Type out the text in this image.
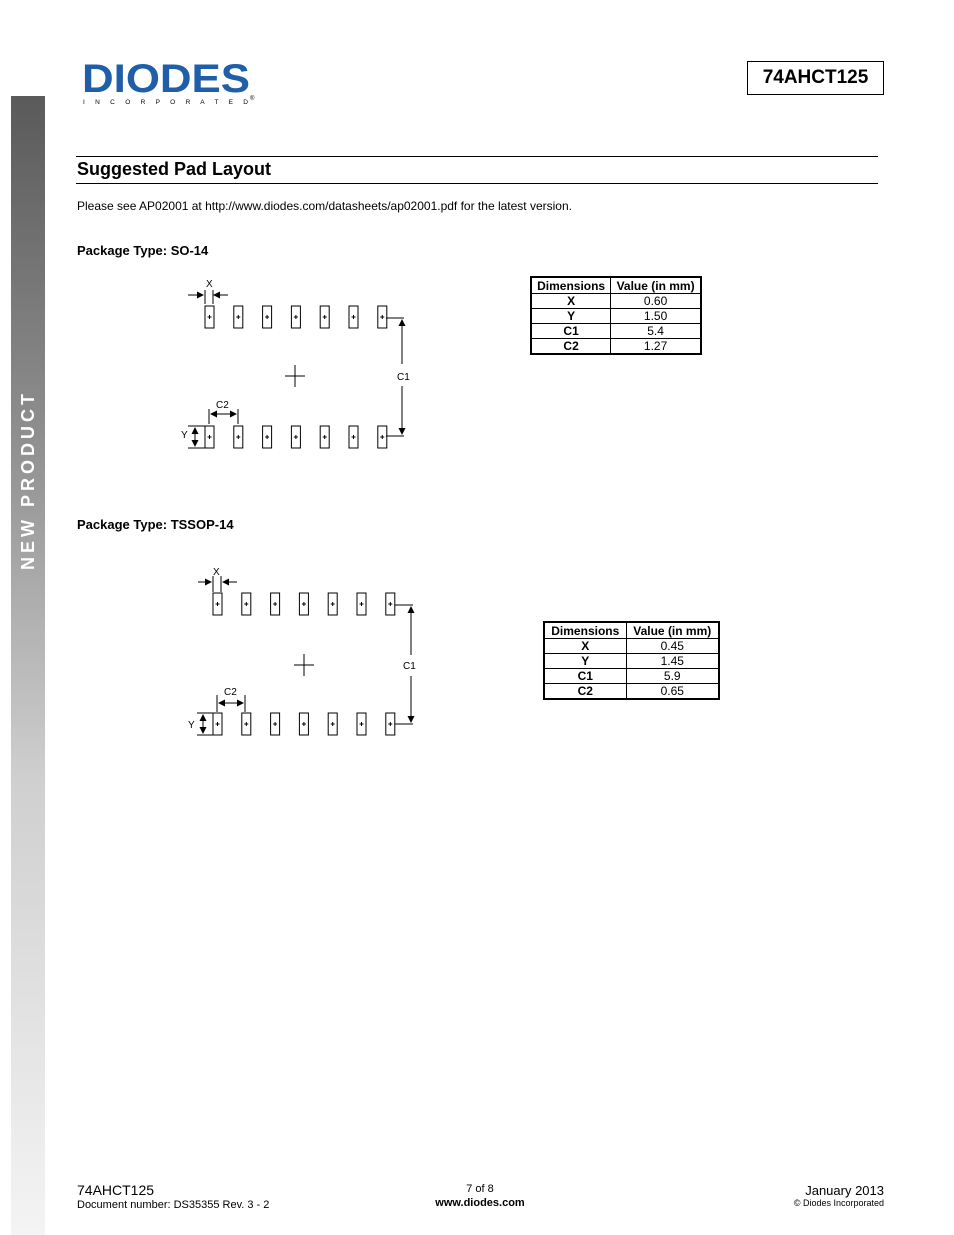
NEW PRODUCT
DIODES
I N C O R P O R A T E D ®
74AHCT125
Suggested Pad Layout
Please see AP02001 at http://www.diodes.com/datasheets/ap02001.pdf for the latest version.
Package Type: SO-14
X
C1
C2
Y
Dimensions	Value (in mm)
X	0.60
Y	1.50
C1	5.4
C2	1.27
Package Type: TSSOP-14
X
C1
C2
Y
Dimensions	Value (in mm)
X	0.45
Y	1.45
C1	5.9
C2	0.65
74AHCT125
Document number: DS35355 Rev. 3 - 2
7 of 8
www.diodes.com
January 2013
© Diodes Incorporated
